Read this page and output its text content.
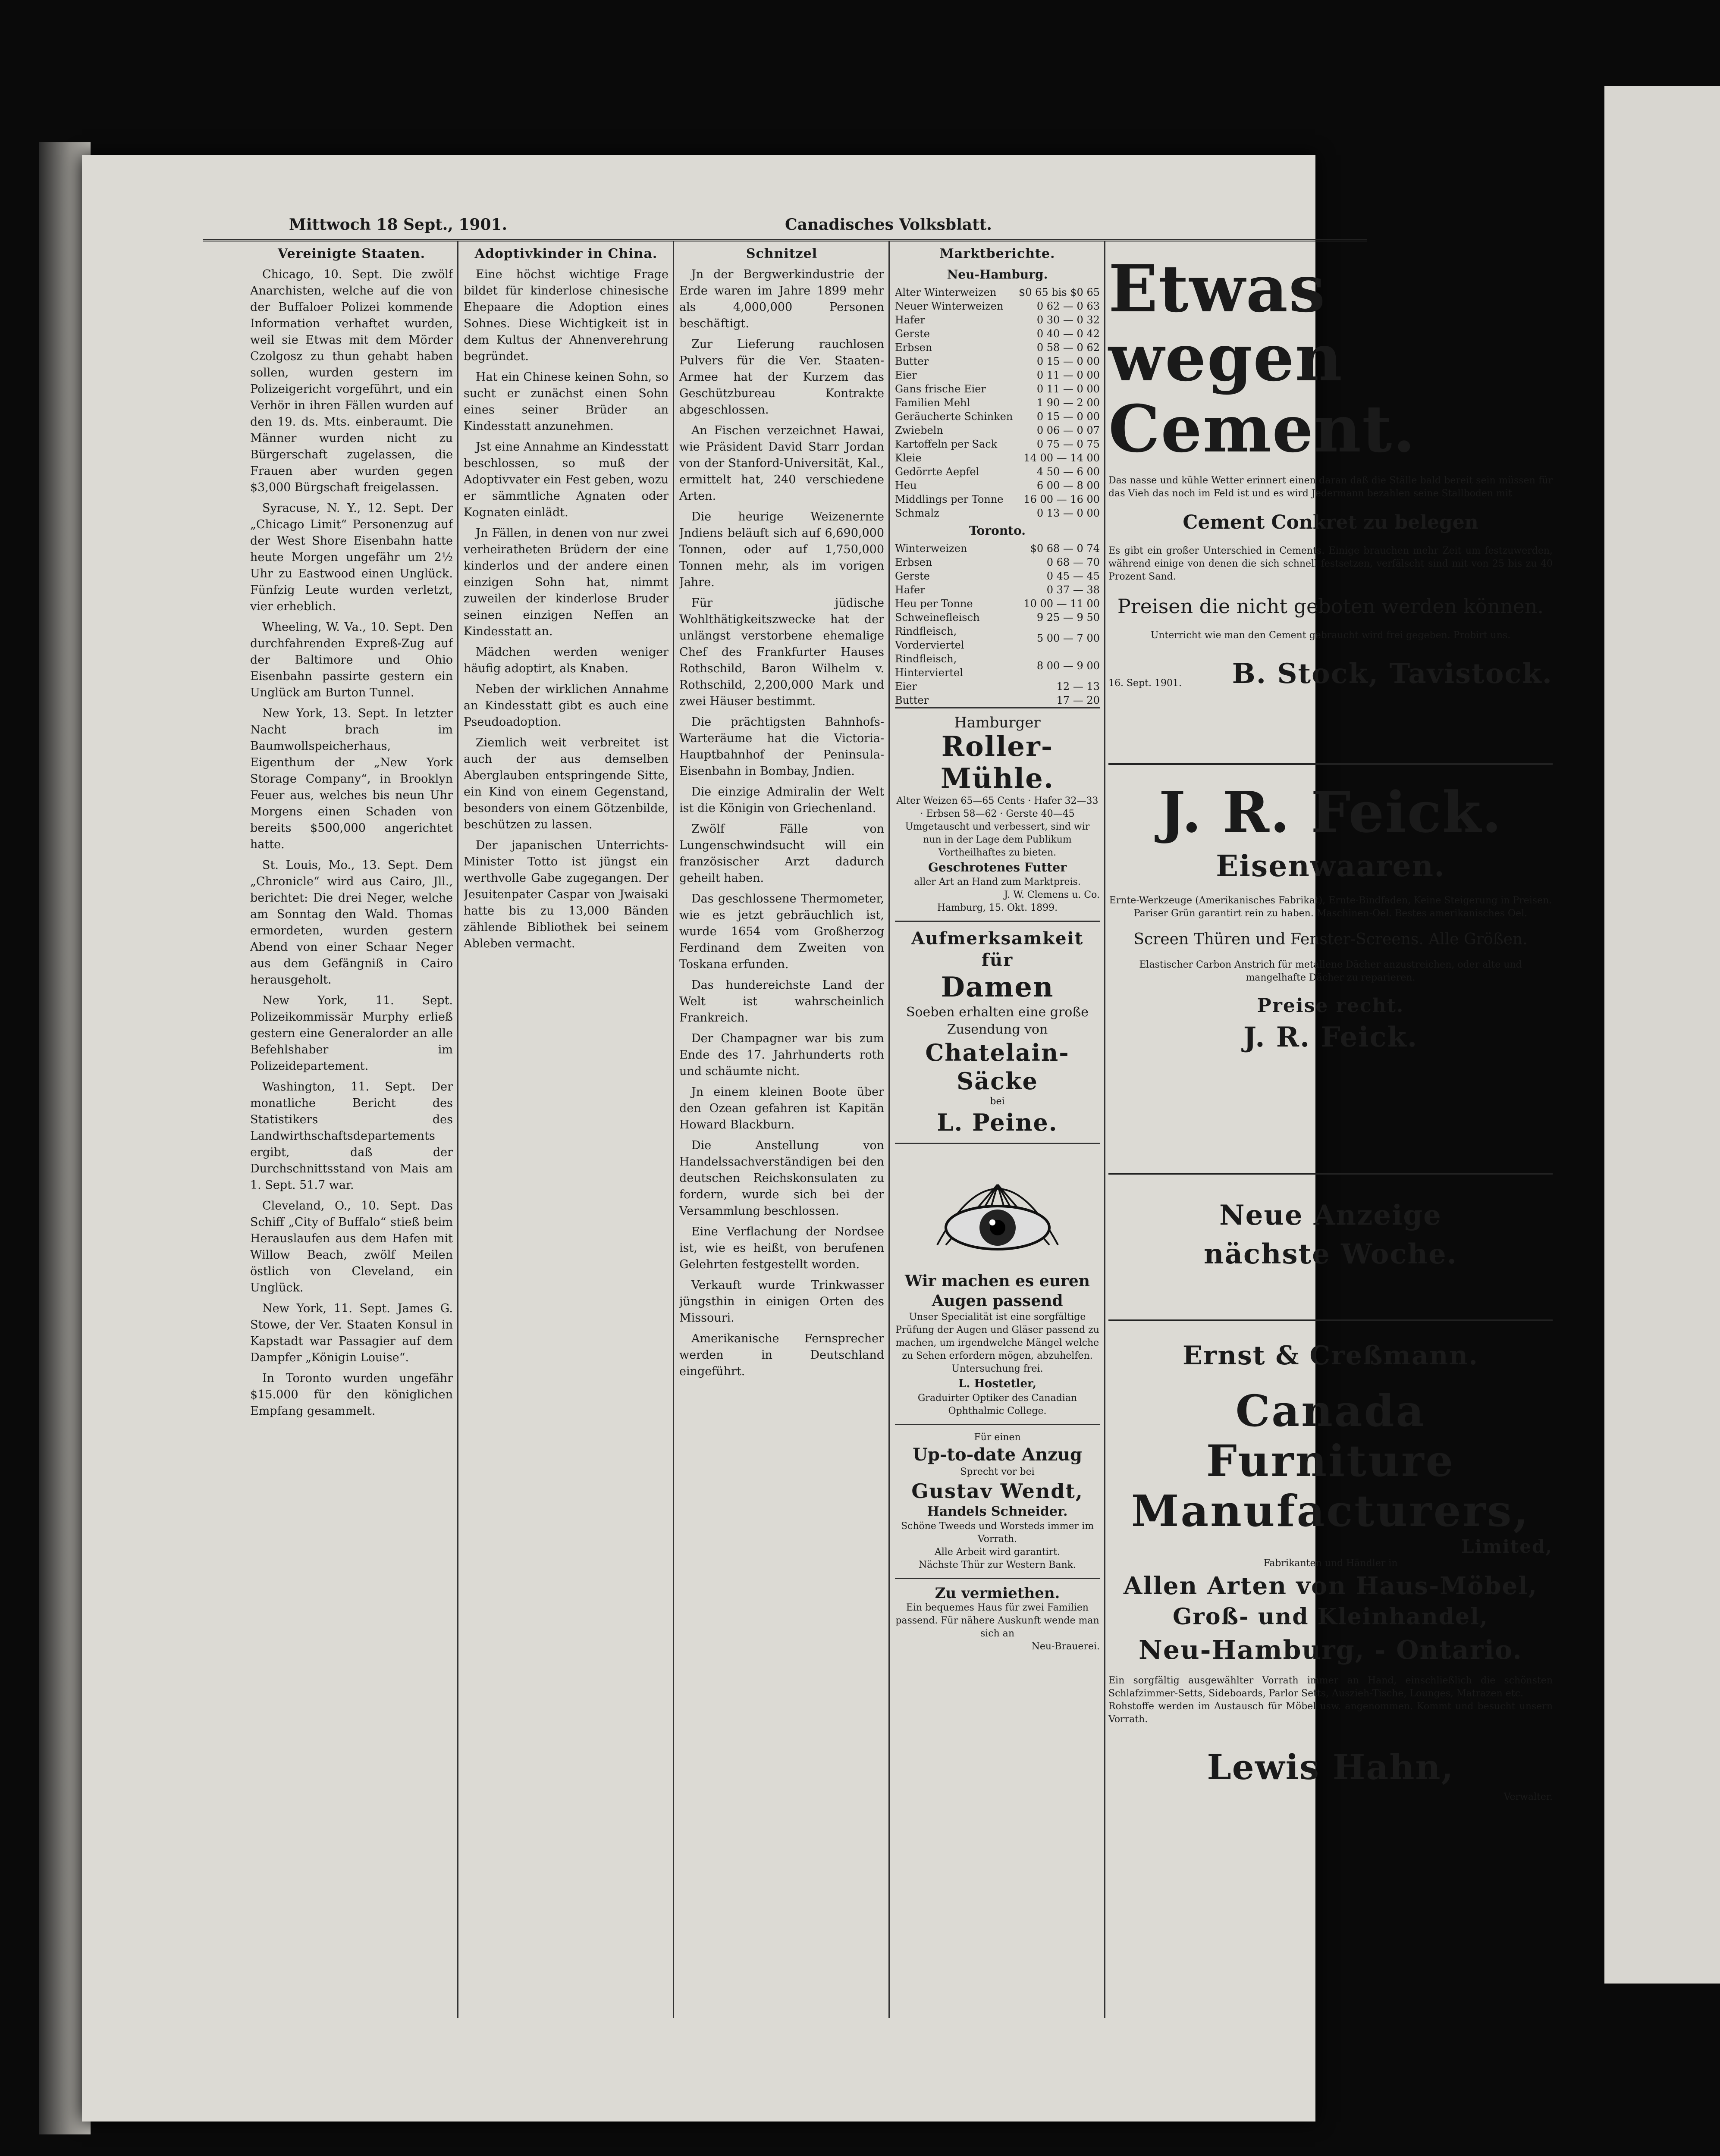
Mittwoch 18 Sept., 1901.	Canadisches Volksblatt.
Vereinigte Staaten.

Chicago, 10. Sept. Die zwölf Anarchisten, welche auf die von der Buffaloer Polizei kommende Information verhaftet wurden, weil sie Etwas mit dem Mörder Czolgosz zu thun gehabt haben sollen, wurden gestern im Polizeigericht vorgeführt, und ein Verhör in ihren Fällen wurden auf den 19. ds. Mts. einberaumt. Die Männer wurden nicht zu Bürgerschaft zugelassen, die Frauen aber wurden gegen $3,000 Bürgschaft freigelassen.

Syracuse, N. Y., 12. Sept. Der „Chicago Limit“ Personenzug auf der West Shore Eisenbahn hatte heute Morgen ungefähr um 2½ Uhr zu Eastwood einen Unglück. Fünfzig Leute wurden verletzt, vier erheblich.

Wheeling, W. Va., 10. Sept. Den durchfahrenden Expreß-Zug auf der Baltimore und Ohio Eisenbahn passirte gestern ein Unglück am Burton Tunnel.

New York, 13. Sept. In letzter Nacht brach im Baumwollspeicherhaus, Eigenthum der „New York Storage Company“, in Brooklyn Feuer aus, welches bis neun Uhr Morgens einen Schaden von bereits $500,000 angerichtet hatte.

St. Louis, Mo., 13. Sept. Dem „Chronicle“ wird aus Cairo, Jll., berichtet: Die drei Neger, welche am Sonntag den Wald. Thomas ermordeten, wurden gestern Abend von einer Schaar Neger aus dem Gefängniß in Cairo herausgeholt.

New York, 11. Sept. Polizeikommissär Murphy erließ gestern eine Generalorder an alle Befehlshaber im Polizeidepartement.

Washington, 11. Sept. Der monatliche Bericht des Statistikers des Landwirthschaftsdepartements ergibt, daß der Durchschnittsstand von Mais am 1. Sept. 51.7 war.

Cleveland, O., 10. Sept. Das Schiff „City of Buffalo“ stieß beim Herauslaufen aus dem Hafen mit Willow Beach, zwölf Meilen östlich von Cleveland, ein Unglück.

New York, 11. Sept. James G. Stowe, der Ver. Staaten Konsul in Kapstadt war Passagier auf dem Dampfer „Königin Louise“.

In Toronto wurden ungefähr $15.000 für den königlichen Empfang gesammelt.

Adoptivkinder in China.

Eine höchst wichtige Frage bildet für kinderlose chinesische Ehepaare die Adoption eines Sohnes. Diese Wichtigkeit ist in dem Kultus der Ahnenverehrung begründet.

Hat ein Chinese keinen Sohn, so sucht er zunächst einen Sohn eines seiner Brüder an Kindesstatt anzunehmen.

Jst eine Annahme an Kindesstatt beschlossen, so muß der Adoptivvater ein Fest geben, wozu er sämmtliche Agnaten oder Kognaten einlädt.

Jn Fällen, in denen von nur zwei verheiratheten Brüdern der eine kinderlos und der andere einen einzigen Sohn hat, nimmt zuweilen der kinderlose Bruder seinen einzigen Neffen an Kindesstatt an.

Mädchen werden weniger häufig adoptirt, als Knaben.

Neben der wirklichen Annahme an Kindesstatt gibt es auch eine Pseudoadoption.

Ziemlich weit verbreitet ist auch der aus demselben Aberglauben entspringende Sitte, ein Kind von einem Gegenstand, besonders von einem Götzenbilde, beschützen zu lassen.

Der japanischen Unterrichts-Minister Totto ist jüngst ein werthvolle Gabe zugegangen. Der Jesuitenpater Caspar von Jwaisaki hatte bis zu 13,000 Bänden zählende Bibliothek bei seinem Ableben vermacht.

Schnitzel

Jn der Bergwerkindustrie der Erde waren im Jahre 1899 mehr als 4,000,000 Personen beschäftigt.

Zur Lieferung rauchlosen Pulvers für die Ver. Staaten-Armee hat der Kurzem das Geschützbureau Kontrakte abgeschlossen.

An Fischen verzeichnet Hawai, wie Präsident David Starr Jordan von der Stanford-Universität, Kal., ermittelt hat, 240 verschiedene Arten.

Die heurige Weizenernte Jndiens beläuft sich auf 6,690,000 Tonnen, oder auf 1,750,000 Tonnen mehr, als im vorigen Jahre.

Für jüdische Wohlthätigkeitszwecke hat der unlängst verstorbene ehemalige Chef des Frankfurter Hauses Rothschild, Baron Wilhelm v. Rothschild, 2,200,000 Mark und zwei Häuser bestimmt.

Die prächtigsten Bahnhofs-Warteräume hat die Victoria-Hauptbahnhof der Peninsula-Eisenbahn in Bombay, Jndien.

Die einzige Admiralin der Welt ist die Königin von Griechenland.

Zwölf Fälle von Lungenschwindsucht will ein französischer Arzt dadurch geheilt haben.

Das geschlossene Thermometer, wie es jetzt gebräuchlich ist, wurde 1654 vom Großherzog Ferdinand dem Zweiten von Toskana erfunden.

Das hundereichste Land der Welt ist wahrscheinlich Frankreich.

Der Champagner war bis zum Ende des 17. Jahrhunderts roth und schäumte nicht.

Jn einem kleinen Boote über den Ozean gefahren ist Kapitän Howard Blackburn.

Die Anstellung von Handelssachverständigen bei den deutschen Reichskonsulaten zu fordern, wurde sich bei der Versammlung beschlossen.

Eine Verflachung der Nordsee ist, wie es heißt, von berufenen Gelehrten festgestellt worden.

Verkauft wurde Trinkwasser jüngsthin in einigen Orten des Missouri.

Amerikanische Fernsprecher werden in Deutschland eingeführt.

Marktberichte.
Neu-Hamburg.
Alter Winterweizen	$0 65 bis $0 65
Neuer Winterweizen	0 62 — 0 63
Hafer	0 30 — 0 32
Gerste	0 40 — 0 42
Erbsen	0 58 — 0 62
Butter	0 15 — 0 00
Eier	0 11 — 0 00
Gans frische Eier	0 11 — 0 00
Familien Mehl	1 90 — 2 00
Geräucherte Schinken	0 15 — 0 00
Zwiebeln	0 06 — 0 07
Kartoffeln per Sack	0 75 — 0 75
Kleie	14 00 — 14 00
Gedörrte Aepfel	4 50 — 6 00
Heu	6 00 — 8 00
Middlings per Tonne	16 00 — 16 00
Schmalz	0 13 — 0 00
Toronto.
Winterweizen	$0 68 — 0 74
Erbsen	0 68 — 70
Gerste	0 45 — 45
Hafer	0 37 — 38
Heu per Tonne	10 00 — 11 00
Schweinefleisch	9 25 — 9 50
Rindfleisch, Vorderviertel	5 00 — 7 00
Rindfleisch, Hinterviertel	8 00 — 9 00
Eier	12 — 13
Butter	17 — 20
Hamburger
Roller-
Mühle.
Alter Weizen 65—65 Cents · Hafer 32—33 · Erbsen 58—62 · Gerste 40—45
Umgetauscht und verbessert, sind wir nun in der Lage dem Publikum Vortheilhaftes zu bieten.
Geschrotenes Futter
aller Art an Hand zum Marktpreis.
J. W. Clemens u. Co.
Hamburg, 15. Okt. 1899.
Aufmerksamkeit für
Damen
Soeben erhalten eine große Zusendung von
Chatelain-Säcke
bei
L. Peine.
Wir machen es euren Augen passend
Unser Specialität ist eine sorgfältige Prüfung der Augen und Gläser passend zu machen, um irgendwelche Mängel welche zu Sehen erfordern mögen, abzuhelfen.
Untersuchung frei.
L. Hostetler,
Graduirter Optiker des Canadian Ophthalmic College.
Für einen
Up-to-date Anzug
Sprecht vor bei
Gustav Wendt,
Handels Schneider.
Schöne Tweeds und Worsteds immer im Vorrath.
Alle Arbeit wird garantirt.
Nächste Thür zur Western Bank.
Zu vermiethen.
Ein bequemes Haus für zwei Familien passend. Für nähere Auskunft wende man sich an
Neu-Brauerei.
Etwas wegen
Cement.
Das nasse und kühle Wetter erinnert einen daran daß die Ställe bald bereit sein müssen für das Vieh das noch im Feld ist und es wird Jedermann bezahlen seine Stallboden mit
Cement Conkret zu belegen
Es gibt ein großer Unterschied in Cements. Einige brauchen mehr Zeit um festzuwerden, während einige von denen die sich schnell festsetzen, verfälscht sind mit von 25 bis zu 40 Prozent Sand.
Preisen die nicht geboten werden können.
Unterricht wie man den Cement gebraucht wird frei gegeben. Probirt uns.
16. Sept. 1901. B. Stock, Tavistock.
J. R. Feick.
Eisenwaaren.
Ernte-Werkzeuge (Amerikanisches Fabrikat), Ernte-Bindfaden, Keine Steigerung in Preisen.
Pariser Grün garantirt rein zu haben. Maschinen-Oel. Bestes amerikanisches Oel.
Screen Thüren und Fenster-Screens. Alle Größen.
Elastischer Carbon Anstrich für metallene Dächer anzustreichen, oder alte und mangelhafte Dächer zu reparieren.
Preise recht.
J. R. Feick.
Neue Anzeige
nächste Woche.
Ernst & Creßmann.
Canada Furniture
Manufacturers,
Limited,
Fabrikanten und Händler in
Allen Arten von Haus-Möbel,
Groß- und Kleinhandel,
Neu-Hamburg, - Ontario.
Ein sorgfältig ausgewählter Vorrath immer an Hand, einschließlich die schönsten Schlafzimmer-Setts, Sideboards, Parlor Setts, Auszieh-Tische, Lounges, Matrazen etc.
Rohstoffe werden im Austausch für Möbel usw. angenommen. Kommt und besucht unsern Vorrath.
Lewis Hahn,
Verwalter.
